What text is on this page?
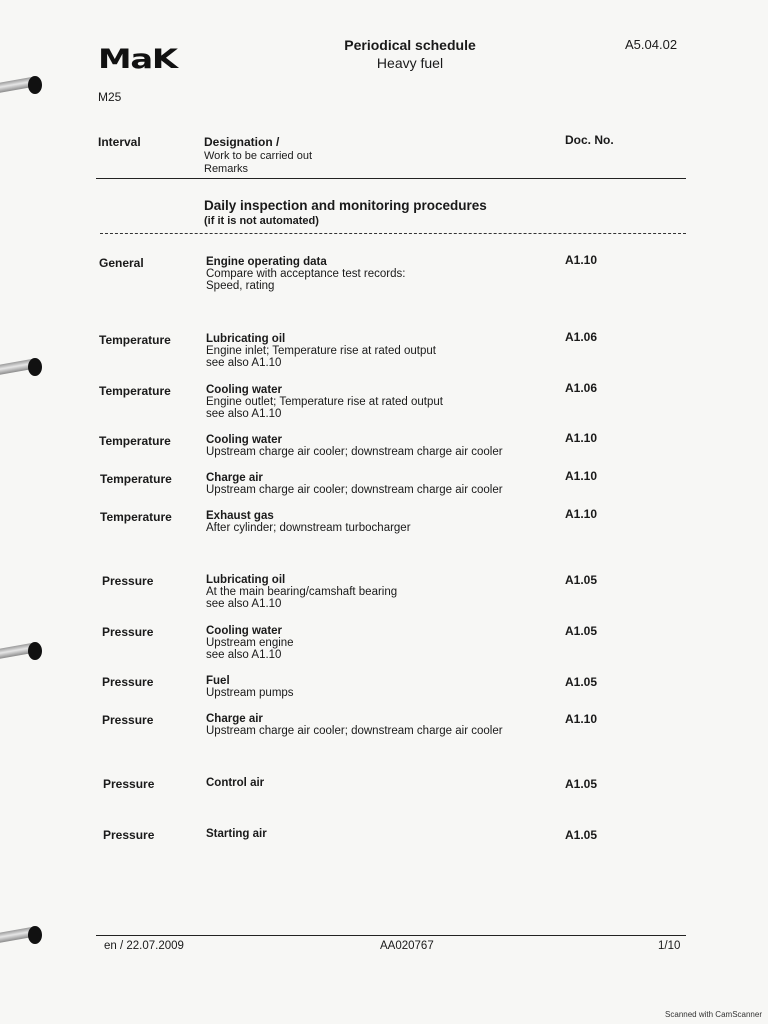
MaK
M25
Periodical schedule
Heavy fuel
A5.04.02
Interval	Designation /
Work to be carried out
Remarks
Doc. No.
Daily inspection and monitoring procedures
(if it is not automated)
General	Engine operating data
Compare with acceptance test records:
Speed, rating
A1.10
Temperature	Lubricating oil
Engine inlet; Temperature rise at rated output
see also A1.10
A1.06
Temperature	Cooling water
Engine outlet; Temperature rise at rated output
see also A1.10
A1.06
Temperature	Cooling water
Upstream charge air cooler; downstream charge air cooler
A1.10
Temperature	Charge air
Upstream charge air cooler; downstream charge air cooler
A1.10
Temperature	Exhaust gas
After cylinder; downstream turbocharger
A1.10
Pressure	Lubricating oil
At the main bearing/camshaft bearing
see also A1.10
A1.05
Pressure	Cooling water
Upstream engine
see also A1.10
A1.05
Pressure	Fuel
Upstream pumps
A1.05
Pressure	Charge air
Upstream charge air cooler; downstream charge air cooler
A1.10
Pressure	Control air	A1.05
Pressure	Starting air	A1.05
en / 22.07.2009	AA020767	1/10
Scanned with CamScanner
